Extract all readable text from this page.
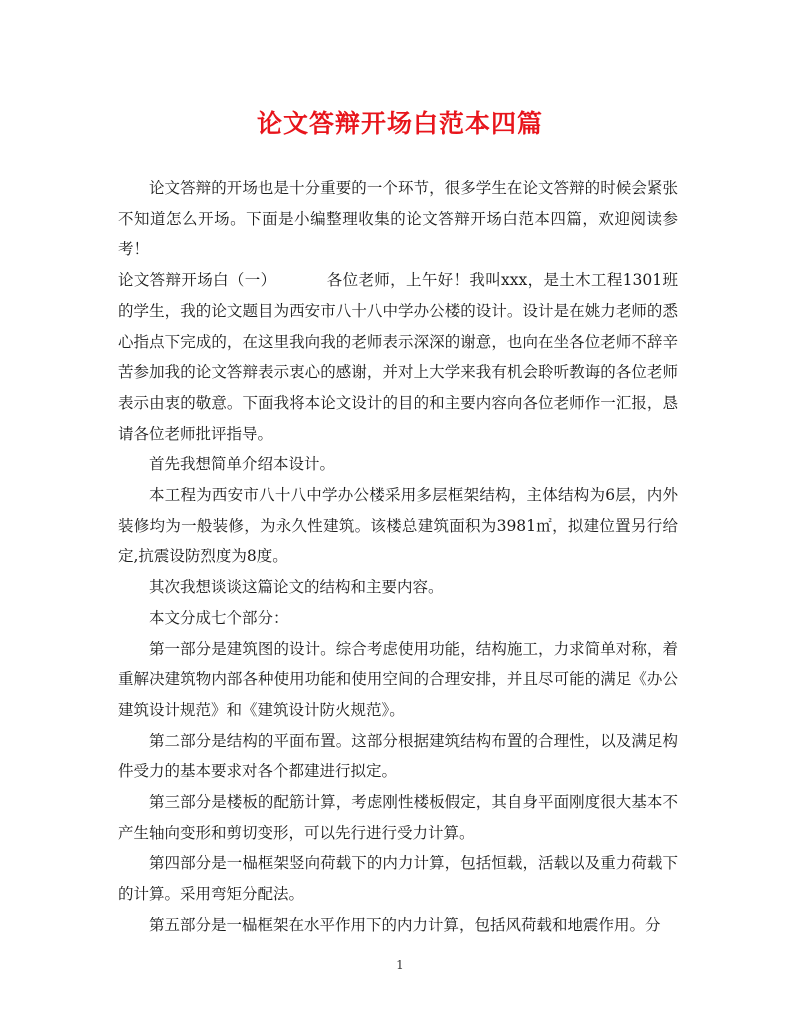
论文答辩开场白范本四篇

论文答辩的开场也是十分重要的一个环节，很多学生在论文答辩的时候会紧张不知道怎么开场。下面是小编整理收集的论文答辩开场白范本四篇，欢迎阅读参考！

论文答辩开场白（一）	各位老师，上午好！我叫xxx，是土木工程1301班的学生，我的论文题目为西安市八十八中学办公楼的设计。设计是在姚力老师的悉心指点下完成的，在这里我向我的老师表示深深的谢意，也向在坐各位老师不辞辛苦参加我的论文答辩表示衷心的感谢，并对上大学来我有机会聆听教诲的各位老师表示由衷的敬意。下面我将本论文设计的目的和主要内容向各位老师作一汇报，恳请各位老师批评指导。

首先我想简单介绍本设计。

本工程为西安市八十八中学办公楼采用多层框架结构，主体结构为6层，内外装修均为一般装修，为永久性建筑。该楼总建筑面积为3981㎡，拟建位置另行给定,抗震设防烈度为8度。

其次我想谈谈这篇论文的结构和主要内容。

本文分成七个部分：

第一部分是建筑图的设计。综合考虑使用功能，结构施工，力求简单对称，着重解决建筑物内部各种使用功能和使用空间的合理安排，并且尽可能的满足《办公建筑设计规范》和《建筑设计防火规范》。

第二部分是结构的平面布置。这部分根据建筑结构布置的合理性，以及满足构件受力的基本要求对各个都建进行拟定。

第三部分是楼板的配筋计算，考虑刚性楼板假定，其自身平面刚度很大基本不产生轴向变形和剪切变形，可以先行进行受力计算。

第四部分是一榀框架竖向荷载下的内力计算，包括恒载，活载以及重力荷载下的计算。采用弯矩分配法。

第五部分是一榀框架在水平作用下的内力计算，包括风荷载和地震作用。分

1
